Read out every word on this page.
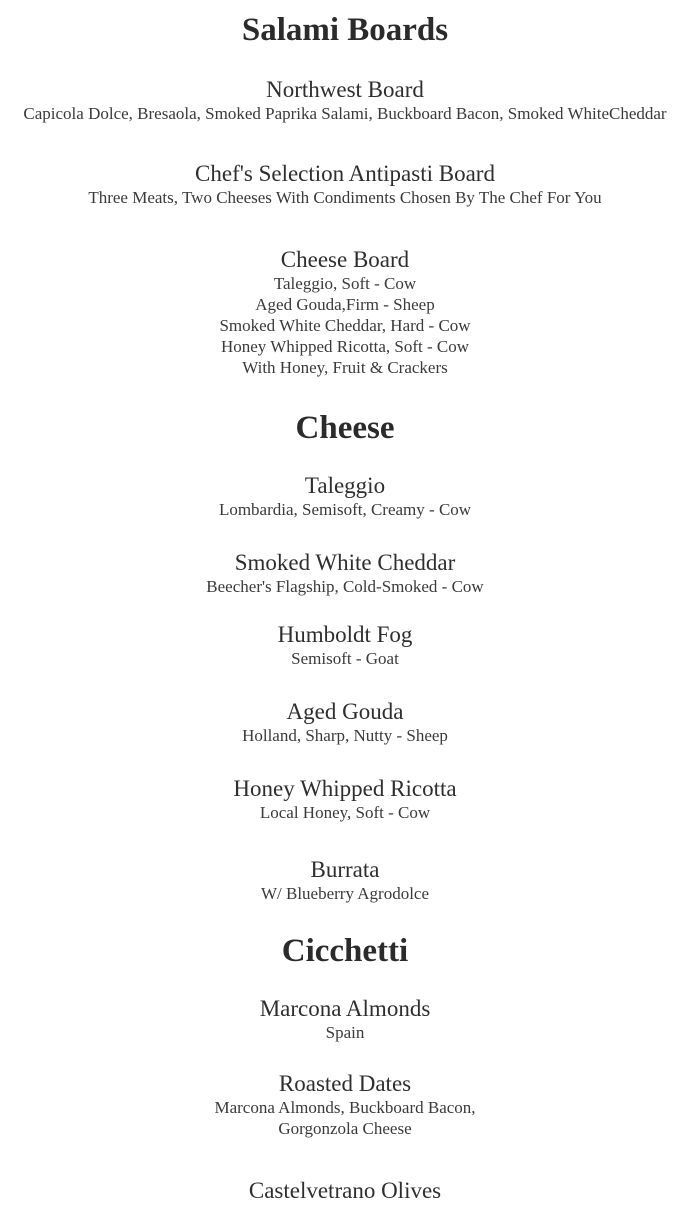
Salami Boards
Northwest Board
Capicola Dolce, Bresaola, Smoked Paprika Salami, Buckboard Bacon, Smoked WhiteCheddar
Chef's Selection Antipasti Board
Three Meats, Two Cheeses With Condiments Chosen By The Chef For You
Cheese Board
Taleggio, Soft - Cow
Aged Gouda,Firm - Sheep
Smoked White Cheddar, Hard - Cow
Honey Whipped Ricotta, Soft - Cow
With Honey, Fruit & Crackers
Cheese
Taleggio
Lombardia, Semisoft, Creamy - Cow
Smoked White Cheddar
Beecher's Flagship, Cold-Smoked - Cow
Humboldt Fog
Semisoft - Goat
Aged Gouda
Holland, Sharp, Nutty - Sheep
Honey Whipped Ricotta
Local Honey, Soft - Cow
Burrata
W/ Blueberry Agrodolce
Cicchetti
Marcona Almonds
Spain
Roasted Dates
Marcona Almonds, Buckboard Bacon,
Gorgonzola Cheese
Castelvetrano Olives
